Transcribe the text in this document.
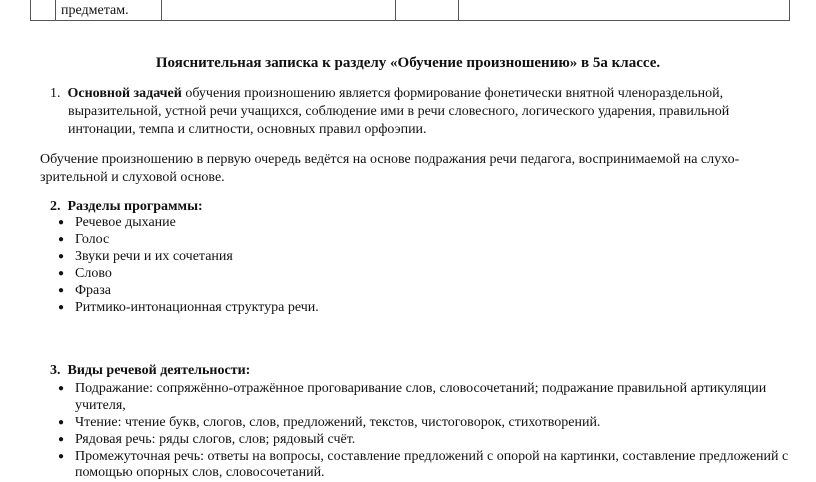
предметам.
Пояснительная записка к разделу «Обучение произношению» в 5а классе.
1. Основной задачей обучения произношению является формирование фонетически внятной членораздельной,
выразительной, устной речи учащихся, соблюдение ими в речи словесного, логического ударения, правильной
интонации, темпа и слитности, основных правил орфоэпии.
Обучение произношению в первую очередь ведётся на основе подражания речи педагога, воспринимаемой на слухо-
зрительной и слуховой основе.
2. Разделы программы:
● Речевое дыхание
● Голос
● Звуки речи и их сочетания
● Слово
● Фраза
● Ритмико-интонационная структура речи.
3. Виды речевой деятельности:
● Подражание: сопряжённо-отражённое проговаривание слов, словосочетаний; подражание правильной артикуляции
учителя,
● Чтение: чтение букв, слогов, слов, предложений, текстов, чистоговорок, стихотворений.
● Рядовая речь: ряды слогов, слов; рядовый счёт.
● Промежуточная речь: ответы на вопросы, составление предложений с опорой на картинки, составление предложений с
помощью опорных слов, словосочетаний.
